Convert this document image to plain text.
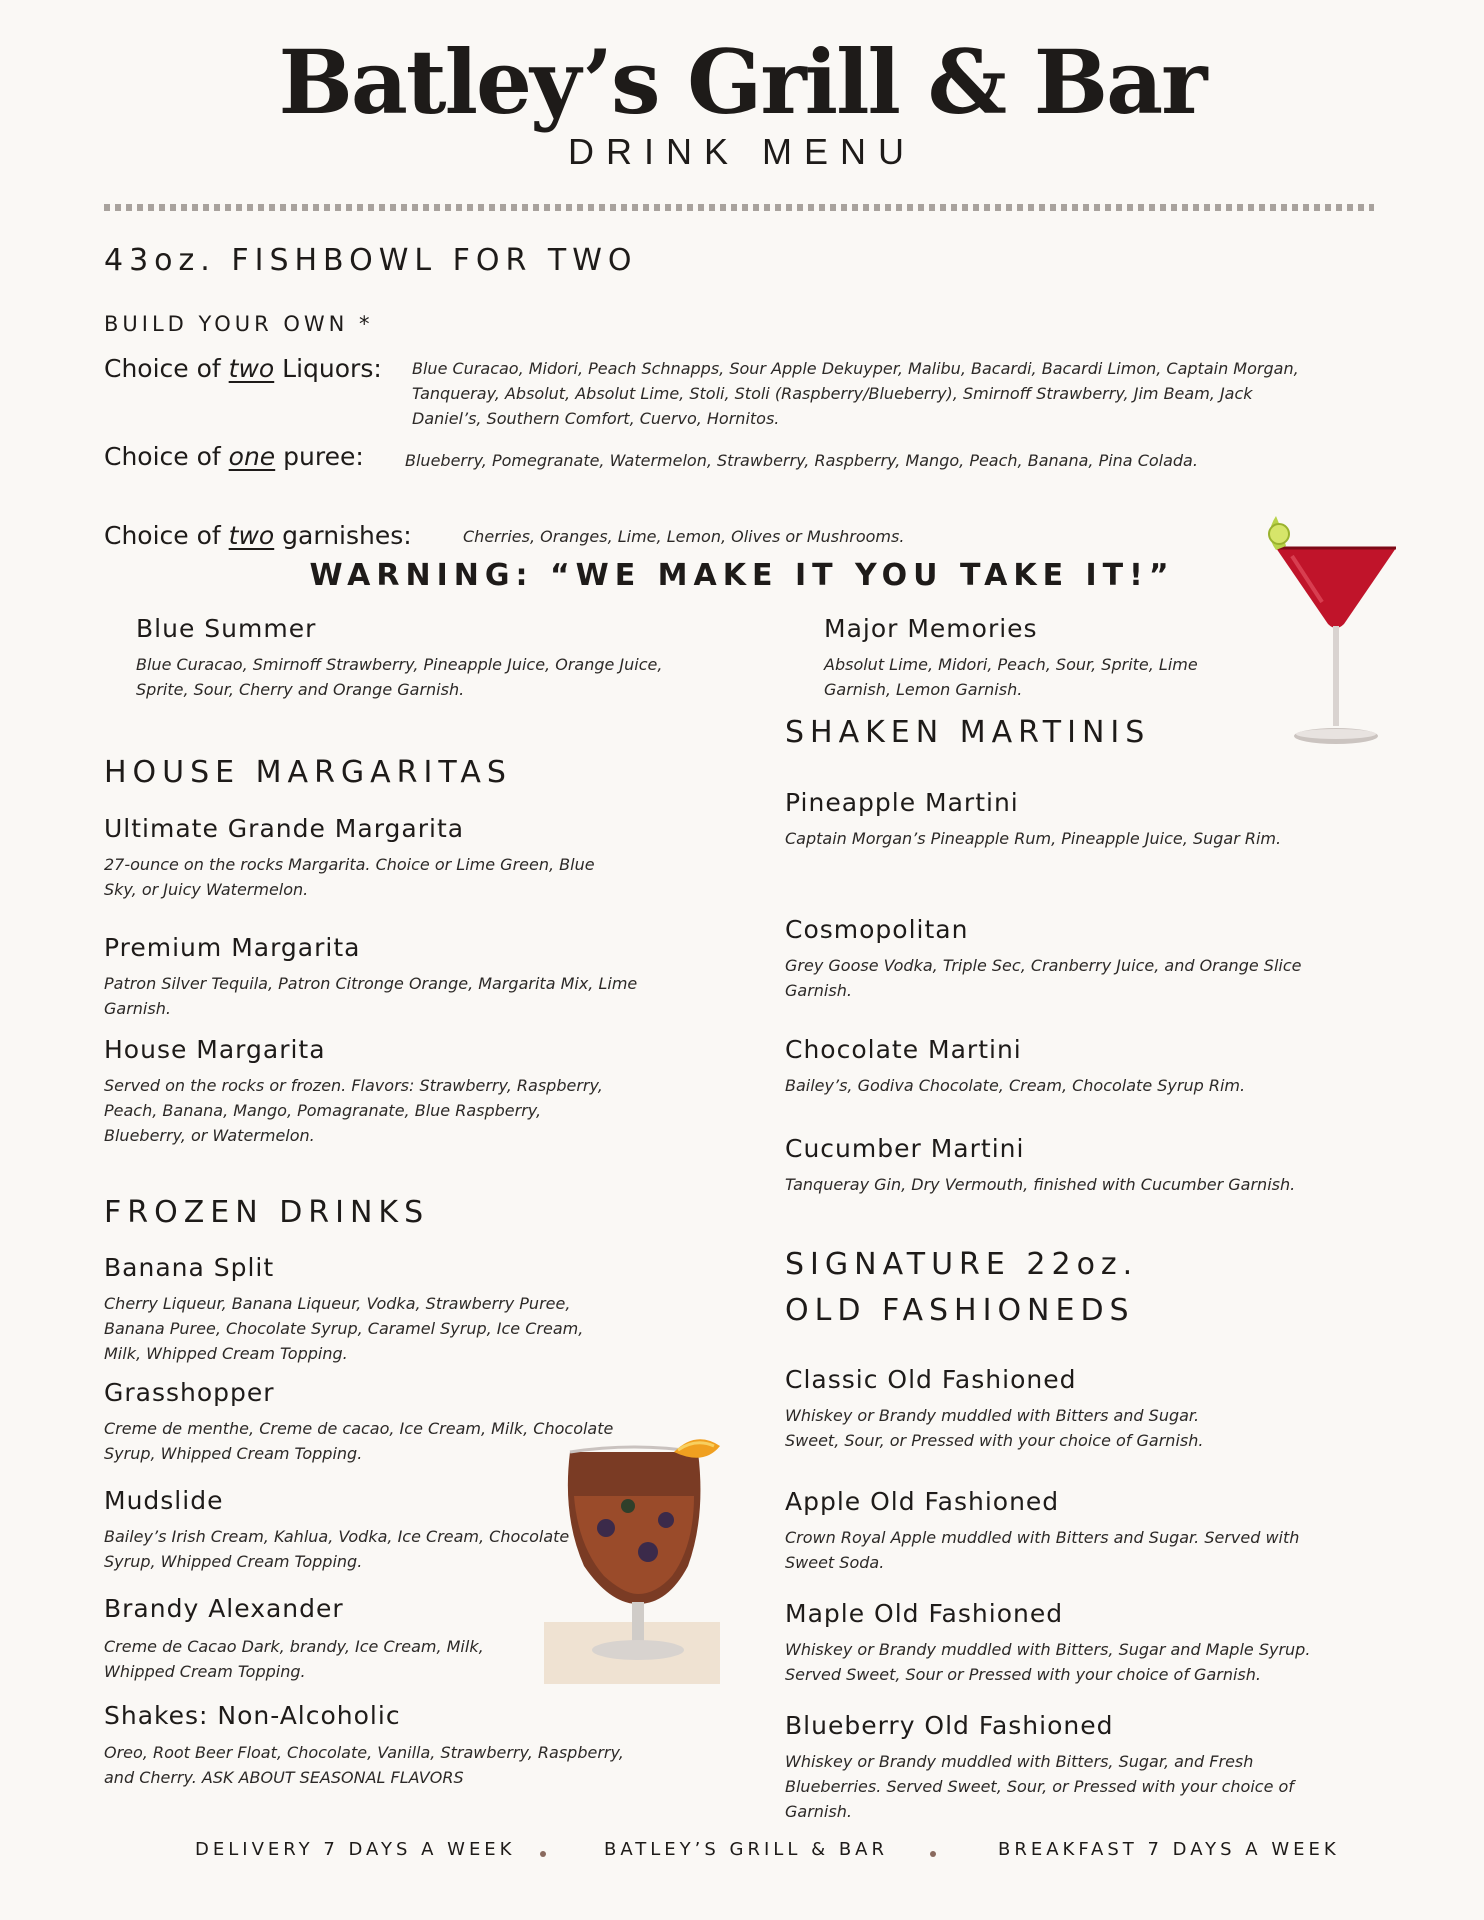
Batley’s Grill & Bar
DRINK MENU
43oz. FISHBOWL FOR TWO
BUILD YOUR OWN *
Choice of two Liquors: Blue Curacao, Midori, Peach Schnapps, Sour Apple Dekuyper, Malibu, Bacardi, Bacardi Limon, Captain Morgan, Tanqueray, Absolut, Absolut Lime, Stoli, Stoli (Raspberry/Blueberry), Smirnoff Strawberry, Jim Beam, Jack Daniel’s, Southern Comfort, Cuervo, Hornitos.
Choice of one puree:	Blueberry, Pomegranate, Watermelon, Strawberry, Raspberry, Mango, Peach, Banana, Pina Colada.
Choice of two garnishes:	Cherries, Oranges, Lime, Lemon, Olives or Mushrooms.
WARNING: “WE MAKE IT YOU TAKE IT!”
Blue Summer
Blue Curacao, Smirnoff Strawberry, Pineapple Juice, Orange Juice, Sprite, Sour, Cherry and Orange Garnish.
Major Memories
Absolut Lime, Midori, Peach, Sour, Sprite, Lime Garnish, Lemon Garnish.
HOUSE MARGARITAS
Ultimate Grande Margarita
27-ounce on the rocks Margarita. Choice or Lime Green, Blue Sky, or Juicy Watermelon.
Premium Margarita
Patron Silver Tequila, Patron Citronge Orange, Margarita Mix, Lime Garnish.
House Margarita
Served on the rocks or frozen. Flavors: Strawberry, Raspberry, Peach, Banana, Mango, Pomagranate, Blue Raspberry, Blueberry, or Watermelon.
FROZEN DRINKS
Banana Split
Cherry Liqueur, Banana Liqueur, Vodka, Strawberry Puree, Banana Puree, Chocolate Syrup, Caramel Syrup, Ice Cream, Milk, Whipped Cream Topping.
Grasshopper
Creme de menthe, Creme de cacao, Ice Cream, Milk, Chocolate Syrup, Whipped Cream Topping.
Mudslide
Bailey’s Irish Cream, Kahlua, Vodka, Ice Cream, Chocolate Syrup, Whipped Cream Topping.
Brandy Alexander
Creme de Cacao Dark, brandy, Ice Cream, Milk, Whipped Cream Topping.
Shakes: Non-Alcoholic
Oreo, Root Beer Float, Chocolate, Vanilla, Strawberry, Raspberry, and Cherry. ASK ABOUT SEASONAL FLAVORS
SHAKEN MARTINIS
Pineapple Martini
Captain Morgan’s Pineapple Rum, Pineapple Juice, Sugar Rim.
Cosmopolitan
Grey Goose Vodka, Triple Sec, Cranberry Juice, and Orange Slice Garnish.
Chocolate Martini
Bailey’s, Godiva Chocolate, Cream, Chocolate Syrup Rim.
Cucumber Martini
Tanqueray Gin, Dry Vermouth, finished with Cucumber Garnish.
SIGNATURE 22oz.
OLD FASHIONEDS
Classic Old Fashioned
Whiskey or Brandy muddled with Bitters and Sugar. Sweet, Sour, or Pressed with your choice of Garnish.
Apple Old Fashioned
Crown Royal Apple muddled with Bitters and Sugar. Served with Sweet Soda.
Maple Old Fashioned
Whiskey or Brandy muddled with Bitters, Sugar and Maple Syrup. Served Sweet, Sour or Pressed with your choice of Garnish.
Blueberry Old Fashioned
Whiskey or Brandy muddled with Bitters, Sugar, and Fresh Blueberries. Served Sweet, Sour, or Pressed with your choice of Garnish.
DELIVERY 7 DAYS A WEEK	BATLEY’S GRILL & BAR	BREAKFAST 7 DAYS A WEEK
